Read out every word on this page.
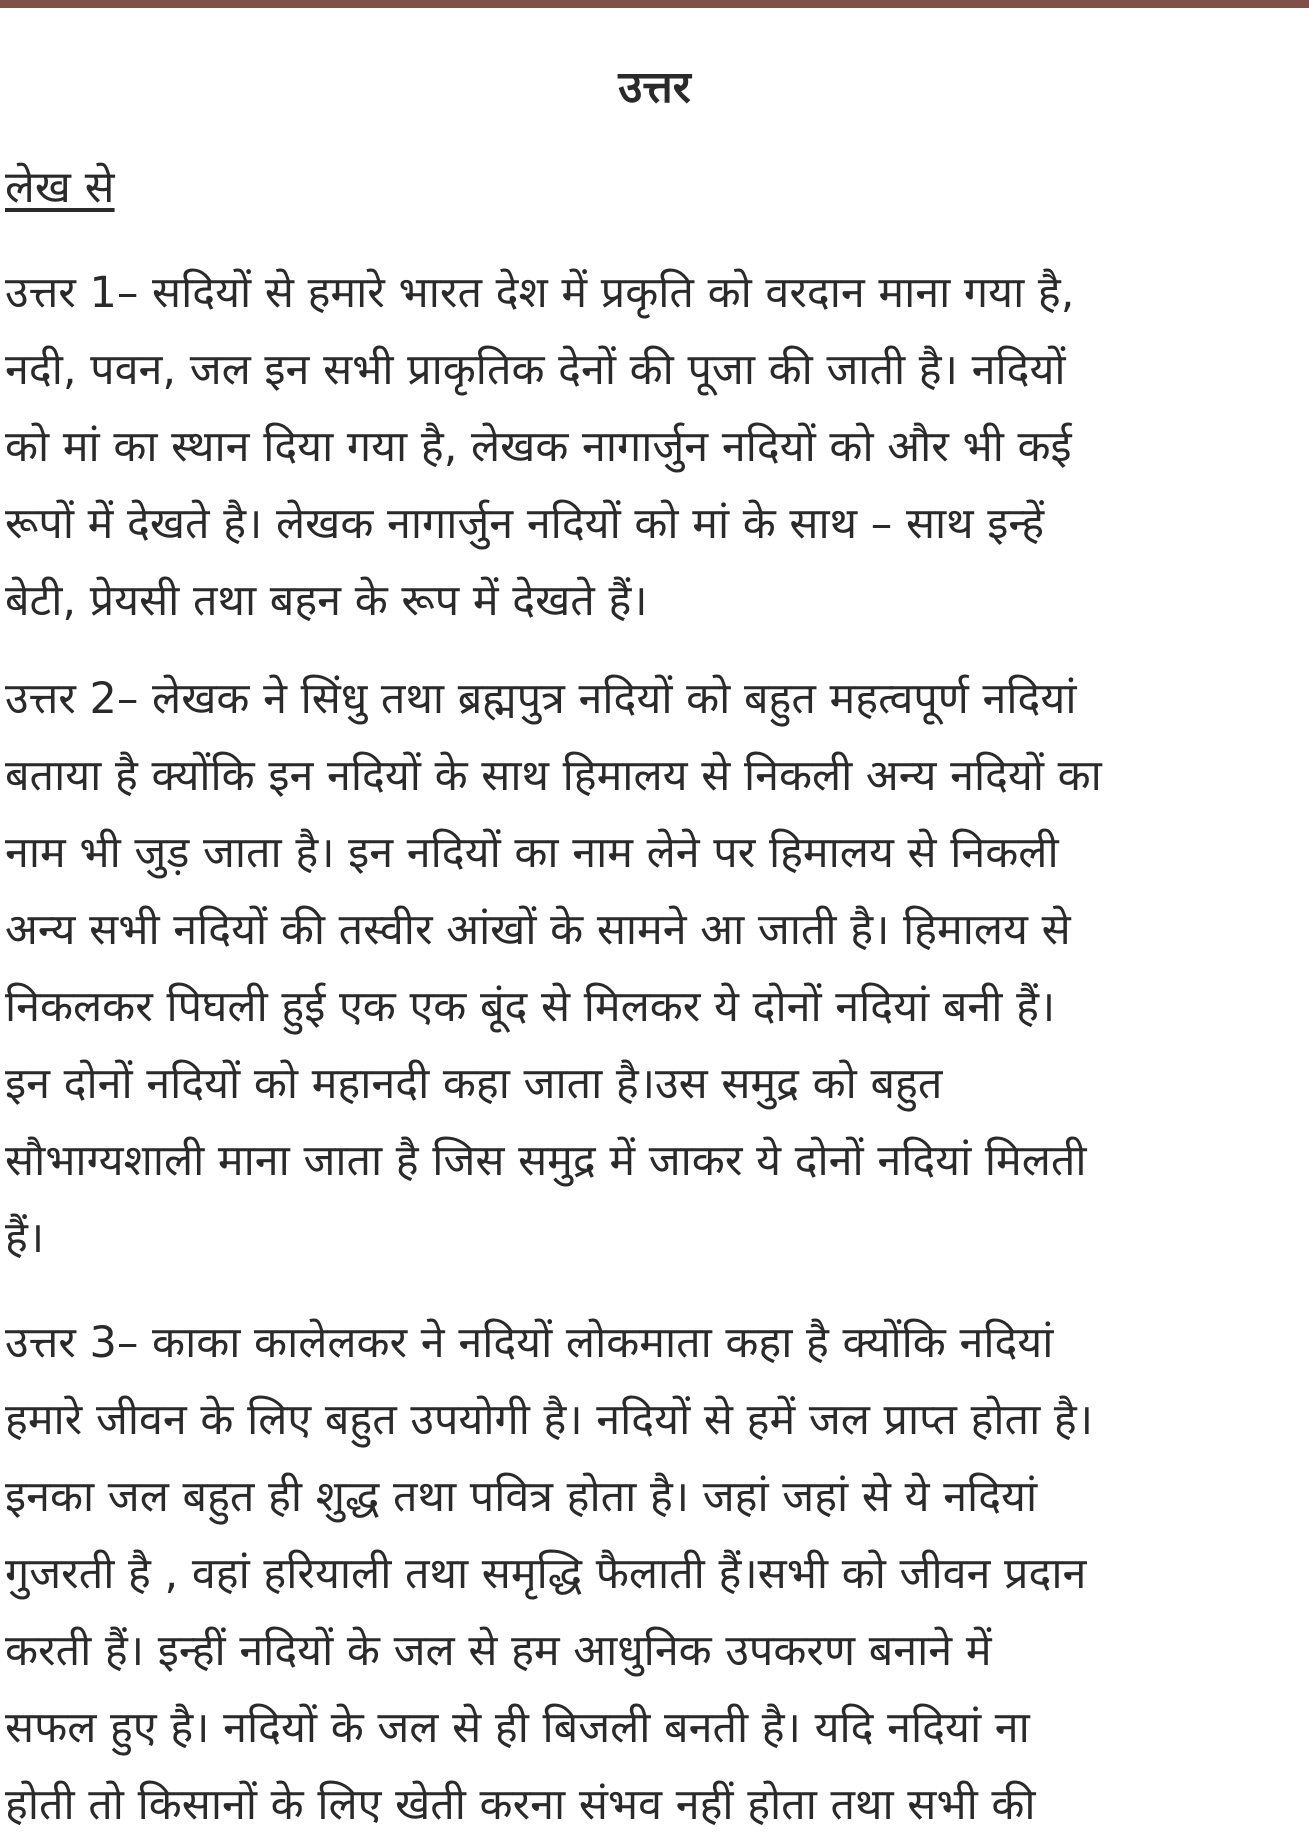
उत्तर
लेख से
उत्तर 1– सदियों से हमारे भारत देश में प्रकृति को वरदान माना गया है,
नदी, पवन, जल इन सभी प्राकृतिक देनों की पूजा की जाती है। नदियों
को मां का स्थान दिया गया है, लेखक नागार्जुन नदियों को और भी कई
रूपों में देखते है। लेखक नागार्जुन नदियों को मां के साथ – साथ इन्हें
बेटी, प्रेयसी तथा बहन के रूप में देखते हैं।
उत्तर 2– लेखक ने सिंधु तथा ब्रह्मपुत्र नदियों को बहुत महत्वपूर्ण नदियां
बताया है क्योंकि इन नदियों के साथ हिमालय से निकली अन्य नदियों का
नाम भी जुड़ जाता है। इन नदियों का नाम लेने पर हिमालय से निकली
अन्य सभी नदियों की तस्वीर आंखों के सामने आ जाती है। हिमालय से
निकलकर पिघली हुई एक एक बूंद से मिलकर ये दोनों नदियां बनी हैं।
इन दोनों नदियों को महानदी कहा जाता है।उस समुद्र को बहुत
सौभाग्यशाली माना जाता है जिस समुद्र में जाकर ये दोनों नदियां मिलती
हैं।
उत्तर 3– काका कालेलकर ने नदियों लोकमाता कहा है क्योंकि नदियां
हमारे जीवन के लिए बहुत उपयोगी है। नदियों से हमें जल प्राप्त होता है।
इनका जल बहुत ही शुद्ध तथा पवित्र होता है। जहां जहां से ये नदियां
गुजरती है , वहां हरियाली तथा समृद्धि फैलाती हैं।सभी को जीवन प्रदान
करती हैं। इन्हीं नदियों के जल से हम आधुनिक उपकरण बनाने में
सफल हुए है। नदियों के जल से ही बिजली बनती है। यदि नदियां ना
होती तो किसानों के लिए खेती करना संभव नहीं होता तथा सभी की
